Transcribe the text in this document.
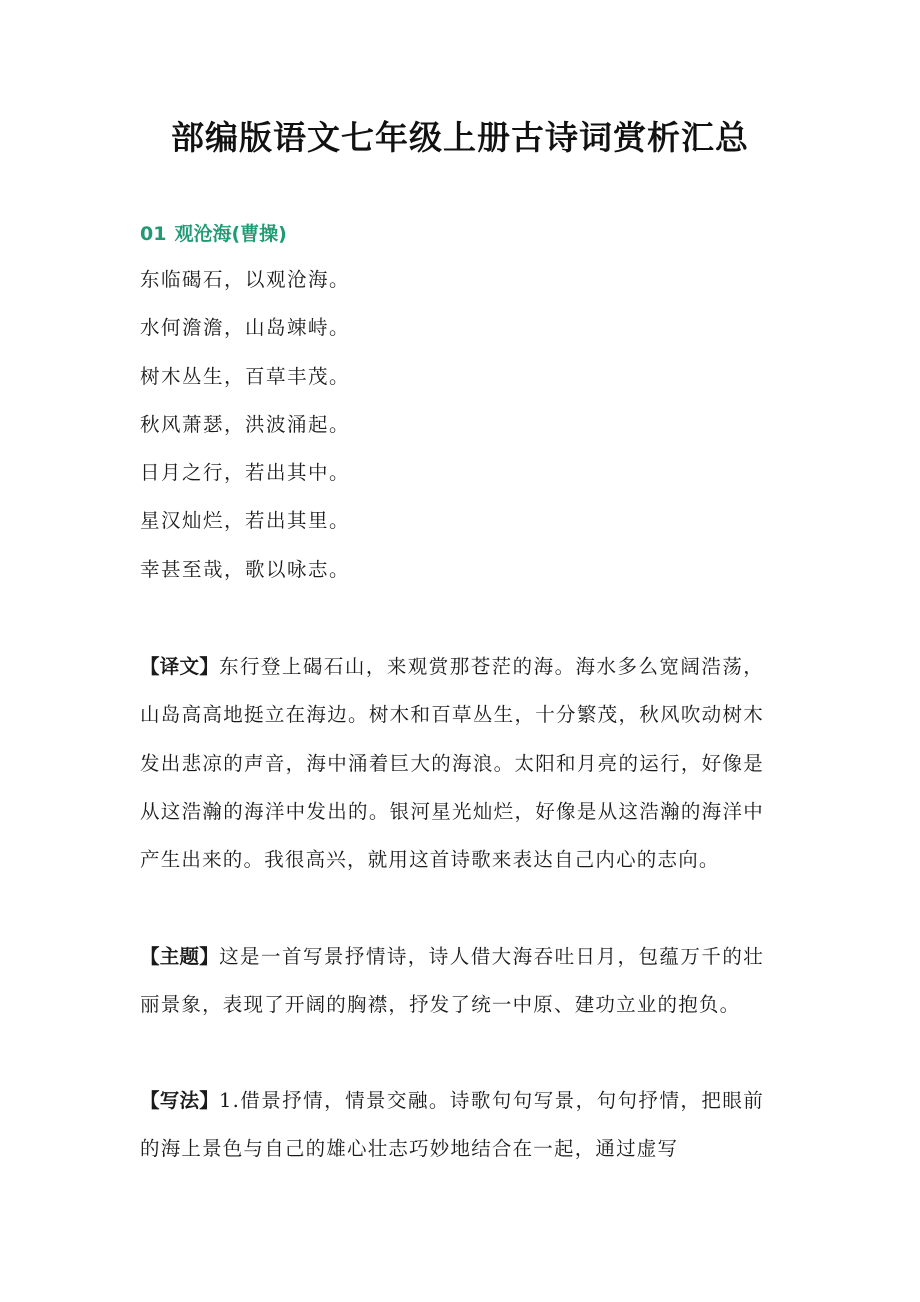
部编版语文七年级上册古诗词赏析汇总
01 观沧海(曹操)
东临碣石，以观沧海。
水何澹澹，山岛竦峙。
树木丛生，百草丰茂。
秋风萧瑟，洪波涌起。
日月之行，若出其中。
星汉灿烂，若出其里。
幸甚至哉，歌以咏志。

【译文】东行登上碣石山，来观赏那苍茫的海。海水多么宽阔浩荡，山岛高高地挺立在海边。树木和百草丛生，十分繁茂，秋风吹动树木发出悲凉的声音，海中涌着巨大的海浪。太阳和月亮的运行，好像是从这浩瀚的海洋中发出的。银河星光灿烂，好像是从这浩瀚的海洋中产生出来的。我很高兴，就用这首诗歌来表达自己内心的志向。

【主题】这是一首写景抒情诗，诗人借大海吞吐日月，包蕴万千的壮丽景象，表现了开阔的胸襟，抒发了统一中原、建功立业的抱负。

【写法】1.借景抒情，情景交融。诗歌句句写景，句句抒情，把眼前的海上景色与自己的雄心壮志巧妙地结合在一起，通过虚写
